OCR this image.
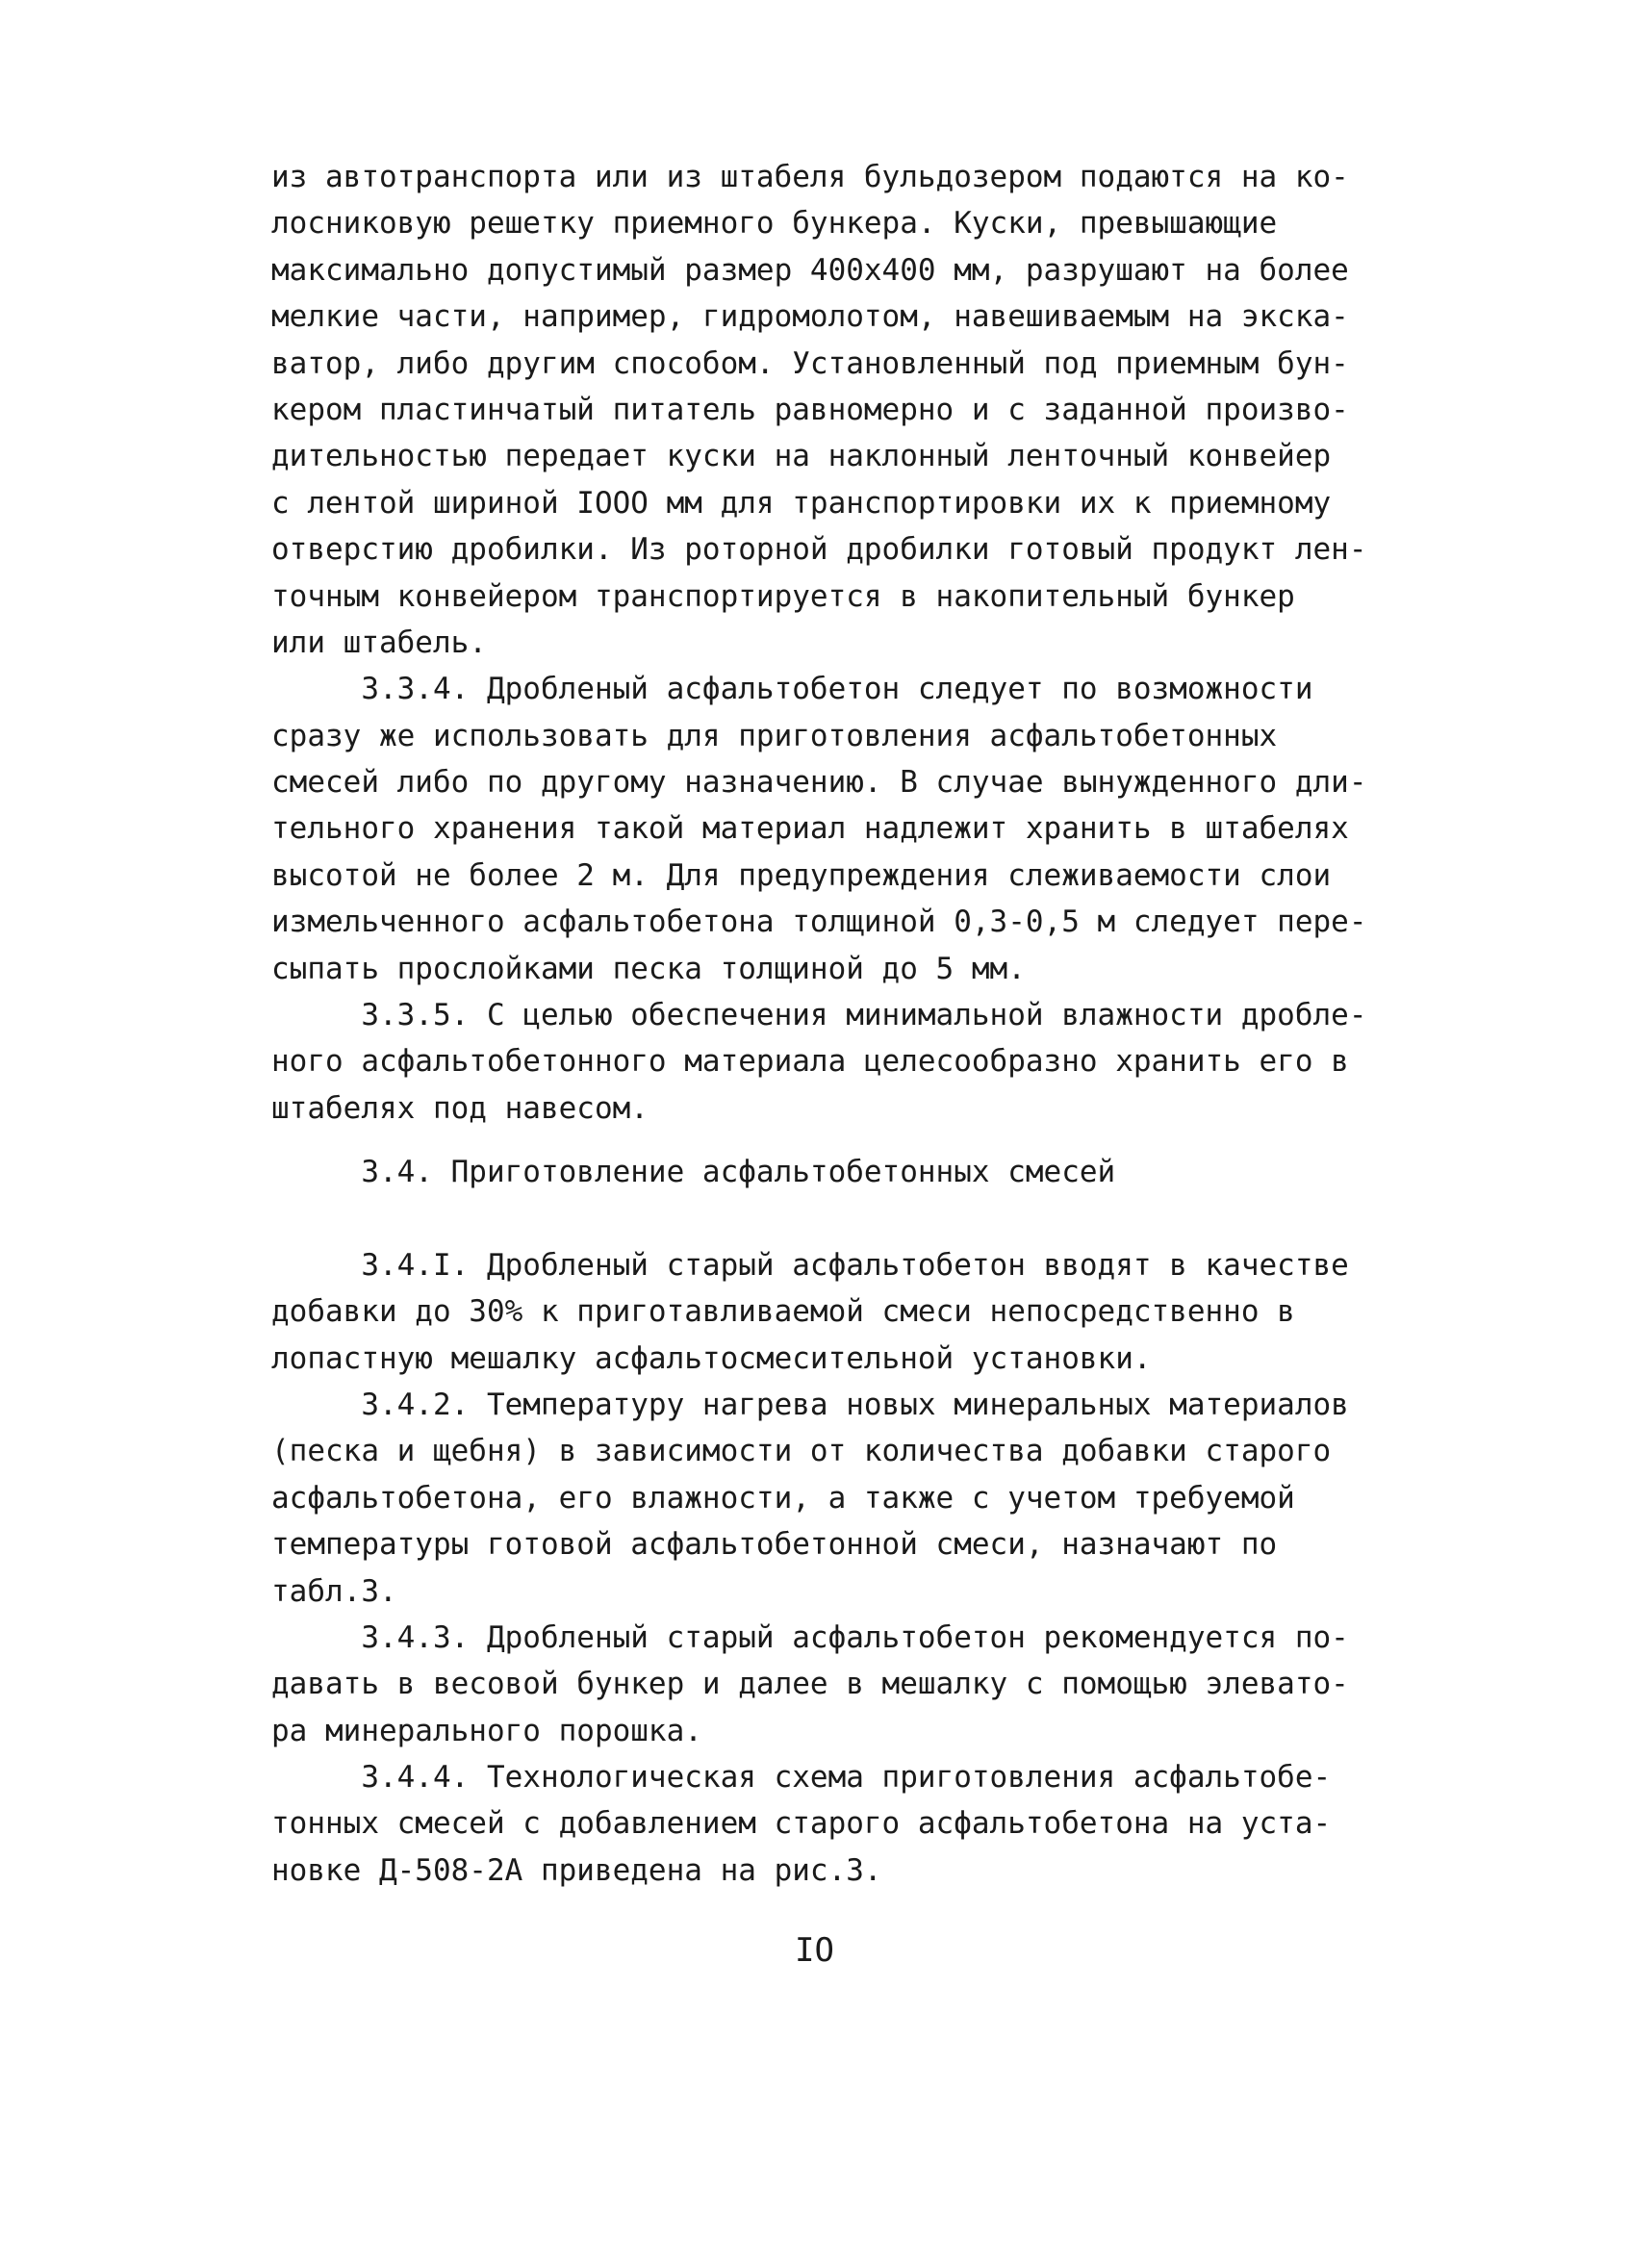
из автотранспорта или из штабеля бульдозером подаются на ко-
лосниковую решетку приемного бункера. Куски, превышающие
максимально допустимый размер 400х400 мм, разрушают на более
мелкие части, например, гидромолотом, навешиваемым на экска-
ватор, либо другим способом. Установленный под приемным бун-
кером пластинчатый питатель равномерно и с заданной произво-
дительностью передает куски на наклонный ленточный конвейер
с лентой шириной IOOO мм для транспортировки их к приемному
отверстию дробилки. Из роторной дробилки готовый продукт лен-
точным конвейером транспортируется в накопительный бункер
или штабель.
3.3.4. Дробленый асфальтобетон следует по возможности
сразу же использовать для приготовления асфальтобетонных
смесей либо по другому назначению. В случае вынужденного дли-
тельного хранения такой материал надлежит хранить в штабелях
высотой не более 2 м. Для предупреждения слеживаемости слои
измельченного асфальтобетона толщиной 0,3-0,5 м следует пере-
сыпать прослойками песка толщиной до 5 мм.
3.3.5. С целью обеспечения минимальной влажности дробле-
ного асфальтобетонного материала целесообразно хранить его в
штабелях под навесом.
3.4. Приготовление асфальтобетонных смесей
3.4.I. Дробленый старый асфальтобетон вводят в качестве
добавки до 30% к приготавливаемой смеси непосредственно в
лопастную мешалку асфальтосмесительной установки.
3.4.2. Температуру нагрева новых минеральных материалов
(песка и щебня) в зависимости от количества добавки старого
асфальтобетона, его влажности, а также с учетом требуемой
температуры готовой асфальтобетонной смеси, назначают по
табл.3.
3.4.3. Дробленый старый асфальтобетон рекомендуется по-
давать в весовой бункер и далее в мешалку с помощью элевато-
ра минерального порошка.
3.4.4. Технологическая схема приготовления асфальтобе-
тонных смесей с добавлением старого асфальтобетона на уста-
новке Д-508-2А приведена на рис.3.
IO
